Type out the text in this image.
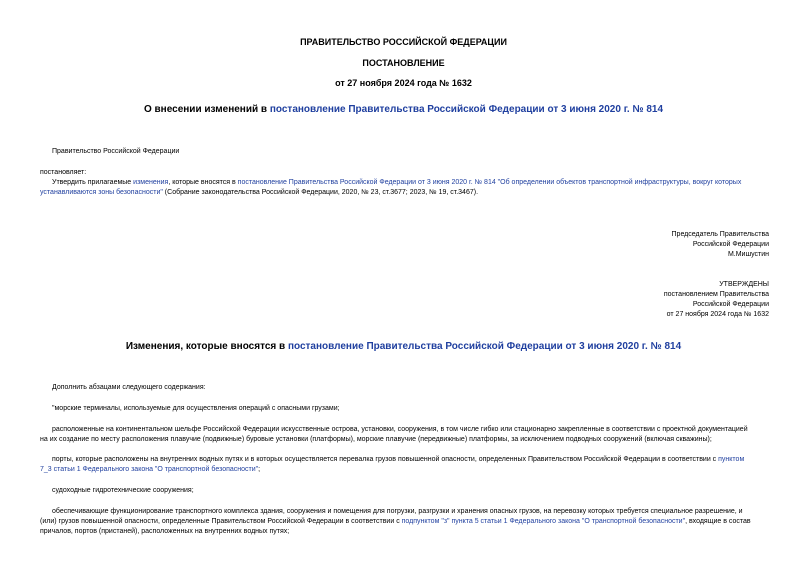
ПРАВИТЕЛЬСТВО РОССИЙСКОЙ ФЕДЕРАЦИИ
ПОСТАНОВЛЕНИЕ
от 27 ноября 2024 года № 1632
О внесении изменений в постановление Правительства Российской Федерации от 3 июня 2020 г. № 814
Правительство Российской Федерации
постановляет:
Утвердить прилагаемые изменения, которые вносятся в постановление Правительства Российской Федерации от 3 июня 2020 г. № 814 "Об определении объектов транспортной инфраструктуры, вокруг которых
устанавливаются зоны безопасности" (Собрание законодательства Российской Федерации, 2020, № 23, ст.3677; 2023, № 19, ст.3467).
Председатель Правительства
Российской Федерации
М.Мишустин
УТВЕРЖДЕНЫ
постановлением Правительства
Российской Федерации
от 27 ноября 2024 года № 1632
Изменения, которые вносятся в постановление Правительства Российской Федерации от 3 июня 2020 г. № 814
Дополнить абзацами следующего содержания:
"морские терминалы, используемые для осуществления операций с опасными грузами;
расположенные на континентальном шельфе Российской Федерации искусственные острова, установки, сооружения, в том числе гибко или стационарно закрепленные в соответствии с проектной документацией
на их создание по месту расположения плавучие (подвижные) буровые установки (платформы), морские плавучие (передвижные) платформы, за исключением подводных сооружений (включая скважины);
порты, которые расположены на внутренних водных путях и в которых осуществляется перевалка грузов повышенной опасности, определенных Правительством Российской Федерации в соответствии с пунктом
7_3 статьи 1 Федерального закона "О транспортной безопасности";
судоходные гидротехнические сооружения;
обеспечивающие функционирование транспортного комплекса здания, сооружения и помещения для погрузки, разгрузки и хранения опасных грузов, на перевозку которых требуется специальное разрешение, и
(или) грузов повышенной опасности, определенные Правительством Российской Федерации в соответствии с подпунктом "з" пункта 5 статьи 1 Федерального закона "О транспортной безопасности", входящие в состав
причалов, портов (пристаней), расположенных на внутренних водных путях;
